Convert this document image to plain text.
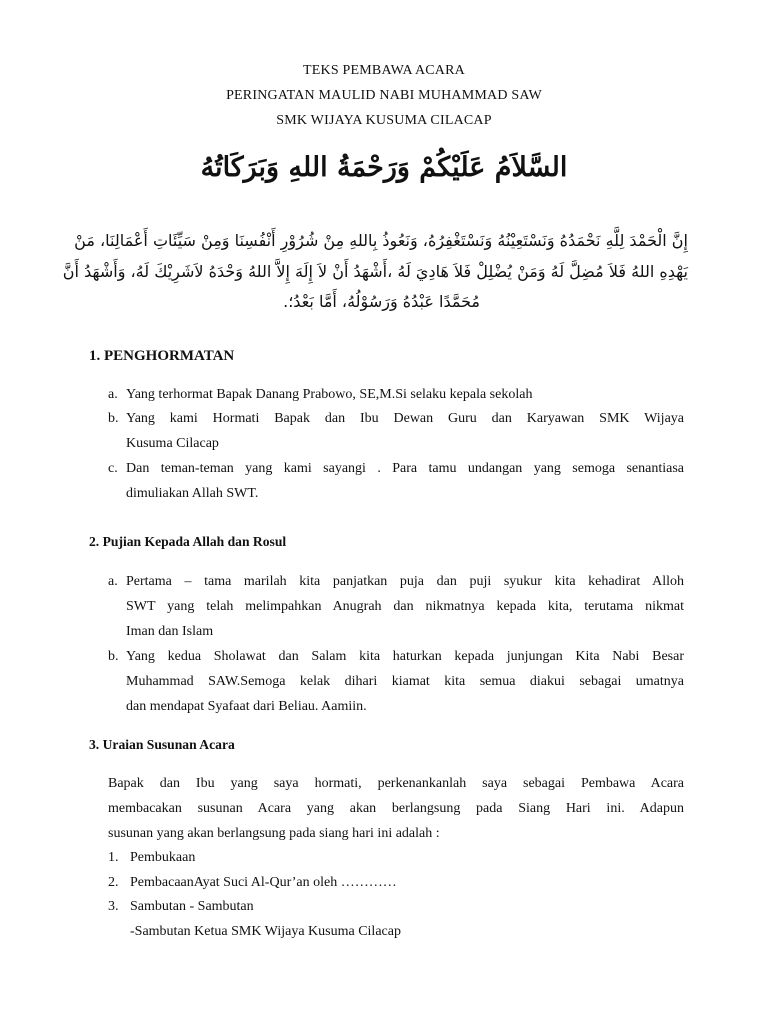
TEKS PEMBAWA ACARA
PERINGATAN MAULID NABI MUHAMMAD SAW
SMK WIJAYA KUSUMA CILACAP
السَّلاَمُ عَلَيْكُمْ وَرَحْمَةُ اللهِ وَبَرَكَاتُهُ
إِنَّ الْحَمْدَ لِلَّهِ نَحْمَدُهُ وَنَسْتَعِيْنُهُ وَنَسْتَغْفِرُهُ، وَنَعُوذُ بِاللهِ مِنْ شُرُوْرِ أَنْفُسِنَا وَمِنْ سَيِّئَاتِ أَعْمَالِنَا، مَنْ
يَهْدِهِ اللهُ فَلاَ مُضِلَّ لَهُ وَمَنْ يُضْلِلْ فَلاَ هَادِيَ لَهُ ،أَشْهَدُ أَنْ لاَ إِلَهَ إِلاَّ اللهُ وَحْدَهُ لاَشَرِيْكَ لَهُ، وَأَشْهَدُ أَنَّ
مُحَمَّدًا عَبْدُهُ وَرَسُوْلُهُ، أَمَّا بَعْدُ؛.
1. PENGHORMATAN
a. Yang terhormat Bapak Danang Prabowo, SE,M.Si selaku kepala sekolah
b. Yang kami Hormati Bapak dan Ibu Dewan Guru dan Karyawan SMK Wijaya
Kusuma Cilacap
c. Dan teman-teman yang kami sayangi . Para tamu undangan yang semoga senantiasa
dimuliakan Allah SWT.
2. Pujian Kepada Allah dan Rosul
a. Pertama – tama marilah kita panjatkan puja dan puji syukur kita kehadirat Alloh
SWT yang telah melimpahkan Anugrah dan nikmatnya kepada kita, terutama nikmat
Iman dan Islam
b. Yang kedua Sholawat dan Salam kita haturkan kepada junjungan Kita Nabi Besar
Muhammad SAW.Semoga kelak dihari kiamat kita semua diakui sebagai umatnya
dan mendapat Syafaat dari Beliau. Aamiin.
3. Uraian Susunan Acara
Bapak dan Ibu yang saya hormati, perkenankanlah saya sebagai Pembawa Acara
membacakan susunan Acara yang akan berlangsung pada Siang Hari ini. Adapun
susunan yang akan berlangsung pada siang hari ini adalah :
1. Pembukaan
2. PembacaanAyat Suci Al-Qur’an oleh …………
3. Sambutan - Sambutan
-Sambutan Ketua SMK Wijaya Kusuma Cilacap
